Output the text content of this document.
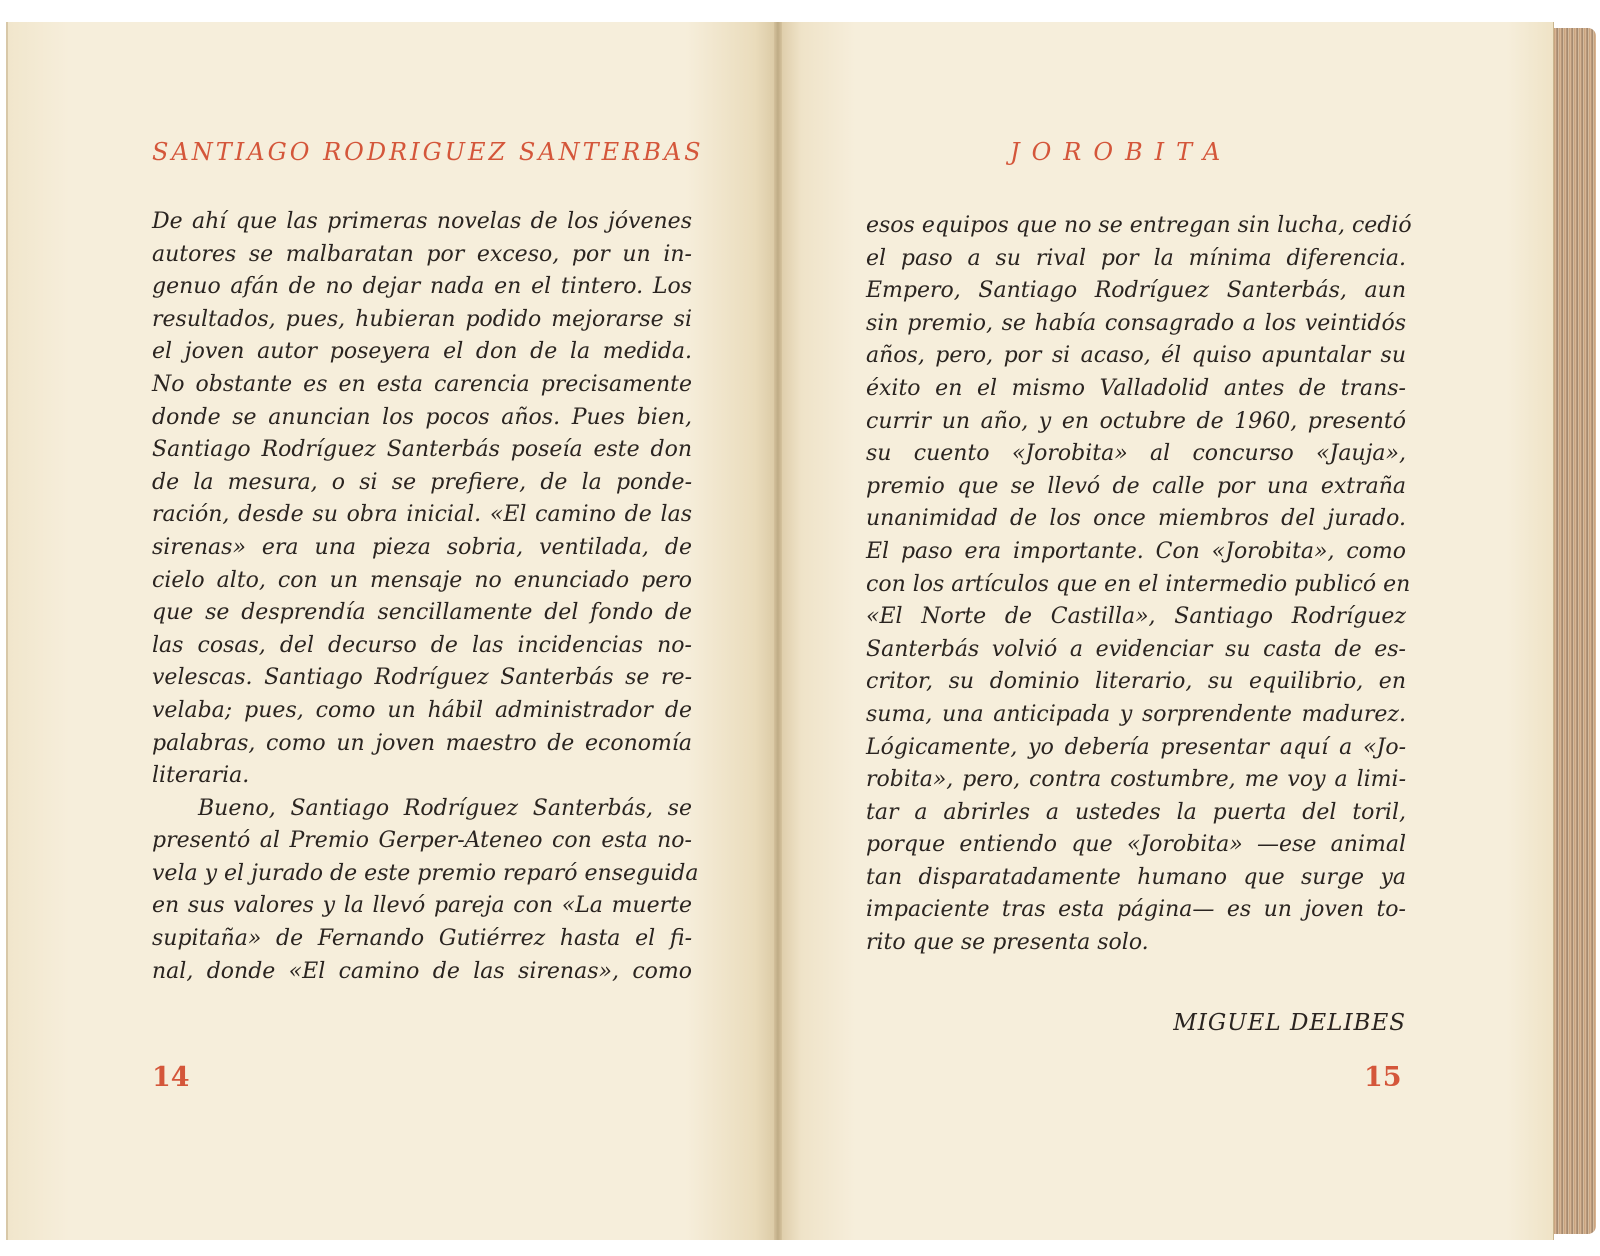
SANTIAGO RODRIGUEZ SANTERBAS	JOROBITA
De ahí que las primeras novelas de los jóvenes
autores se malbaratan por exceso, por un in-
genuo afán de no dejar nada en el tintero. Los
resultados, pues, hubieran podido mejorarse si
el joven autor poseyera el don de la medida.
No obstante es en esta carencia precisamente
donde se anuncian los pocos años. Pues bien,
Santiago Rodríguez Santerbás poseía este don
de la mesura, o si se prefiere, de la ponde-
ración, desde su obra inicial. «El camino de las
sirenas» era una pieza sobria, ventilada, de
cielo alto, con un mensaje no enunciado pero
que se desprendía sencillamente del fondo de
las cosas, del decurso de las incidencias no-
velescas. Santiago Rodríguez Santerbás se re-
velaba; pues, como un hábil administrador de
palabras, como un joven maestro de economía
literaria.
Bueno, Santiago Rodríguez Santerbás, se
presentó al Premio Gerper-Ateneo con esta no-
vela y el jurado de este premio reparó enseguida
en sus valores y la llevó pareja con «La muerte
supitaña» de Fernando Gutiérrez hasta el fi-
nal, donde «El camino de las sirenas», como
esos equipos que no se entregan sin lucha, cedió
el paso a su rival por la mínima diferencia.
Empero, Santiago Rodríguez Santerbás, aun
sin premio, se había consagrado a los veintidós
años, pero, por si acaso, él quiso apuntalar su
éxito en el mismo Valladolid antes de trans-
currir un año, y en octubre de 1960, presentó
su cuento «Jorobita» al concurso «Jauja»,
premio que se llevó de calle por una extraña
unanimidad de los once miembros del jurado.
El paso era importante. Con «Jorobita», como
con los artículos que en el intermedio publicó en
«El Norte de Castilla», Santiago Rodríguez
Santerbás volvió a evidenciar su casta de es-
critor, su dominio literario, su equilibrio, en
suma, una anticipada y sorprendente madurez.
Lógicamente, yo debería presentar aquí a «Jo-
robita», pero, contra costumbre, me voy a limi-
tar a abrirles a ustedes la puerta del toril,
porque entiendo que «Jorobita» —ese animal
tan disparatadamente humano que surge ya
impaciente tras esta página— es un joven to-
rito que se presenta solo.
MIGUEL DELIBES
14	15
